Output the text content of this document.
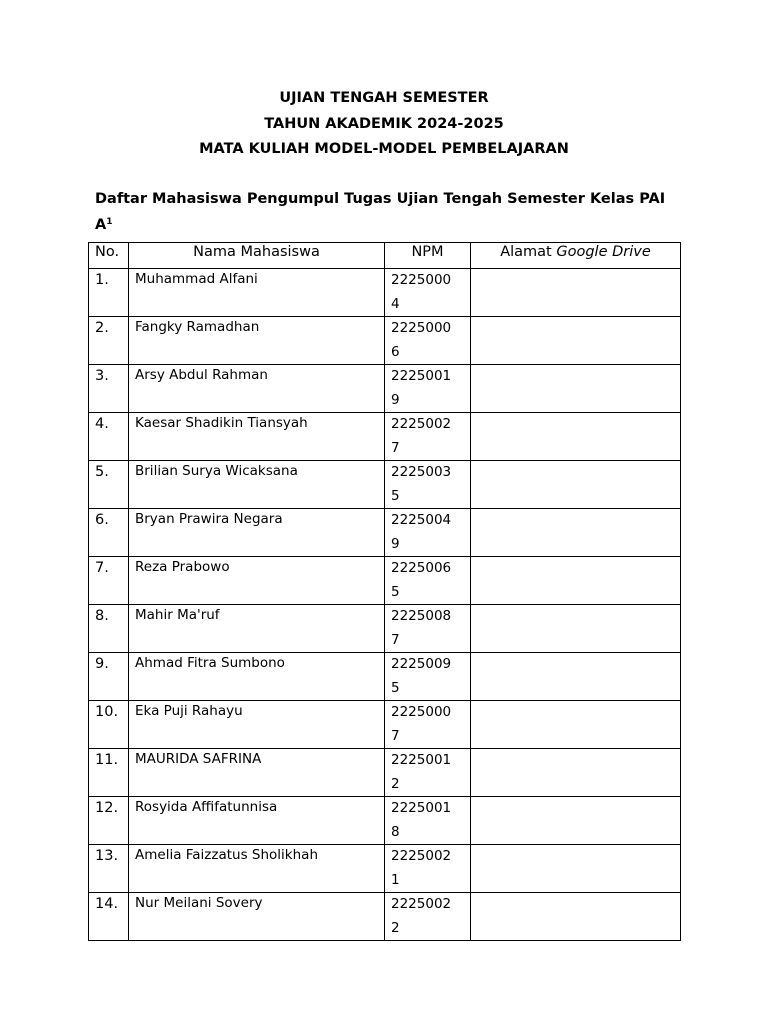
UJIAN TENGAH SEMESTER
TAHUN AKADEMIK 2024-2025
MATA KULIAH MODEL-MODEL PEMBELAJARAN
Daftar Mahasiswa Pengumpul Tugas Ujian Tengah Semester Kelas PAI $A^1$
No.	Nama Mahasiswa	NPM	Alamat Google Drive
1.	Muhammad Alfani	2225000
4	

2.	Fangky Ramadhan	2225000
6	

3.	Arsy Abdul Rahman	2225001
9	

4.	Kaesar Shadikin Tiansyah	2225002
7	

5.	Brilian Surya Wicaksana	2225003
5	

6.	Bryan Prawira Negara	2225004
9	

7.	Reza Prabowo	2225006
5	

8.	Mahir Ma'ruf	2225008
7	

9.	Ahmad Fitra Sumbono	2225009
5	

10.	Eka Puji Rahayu	2225000
7	

11.	MAURIDA SAFRINA	2225001
2	

12.	Rosyida Affifatunnisa	2225001
8	

13.	Amelia Faizzatus Sholikhah	2225002
1	

14.	Nur Meilani Sovery	2225002
2	
